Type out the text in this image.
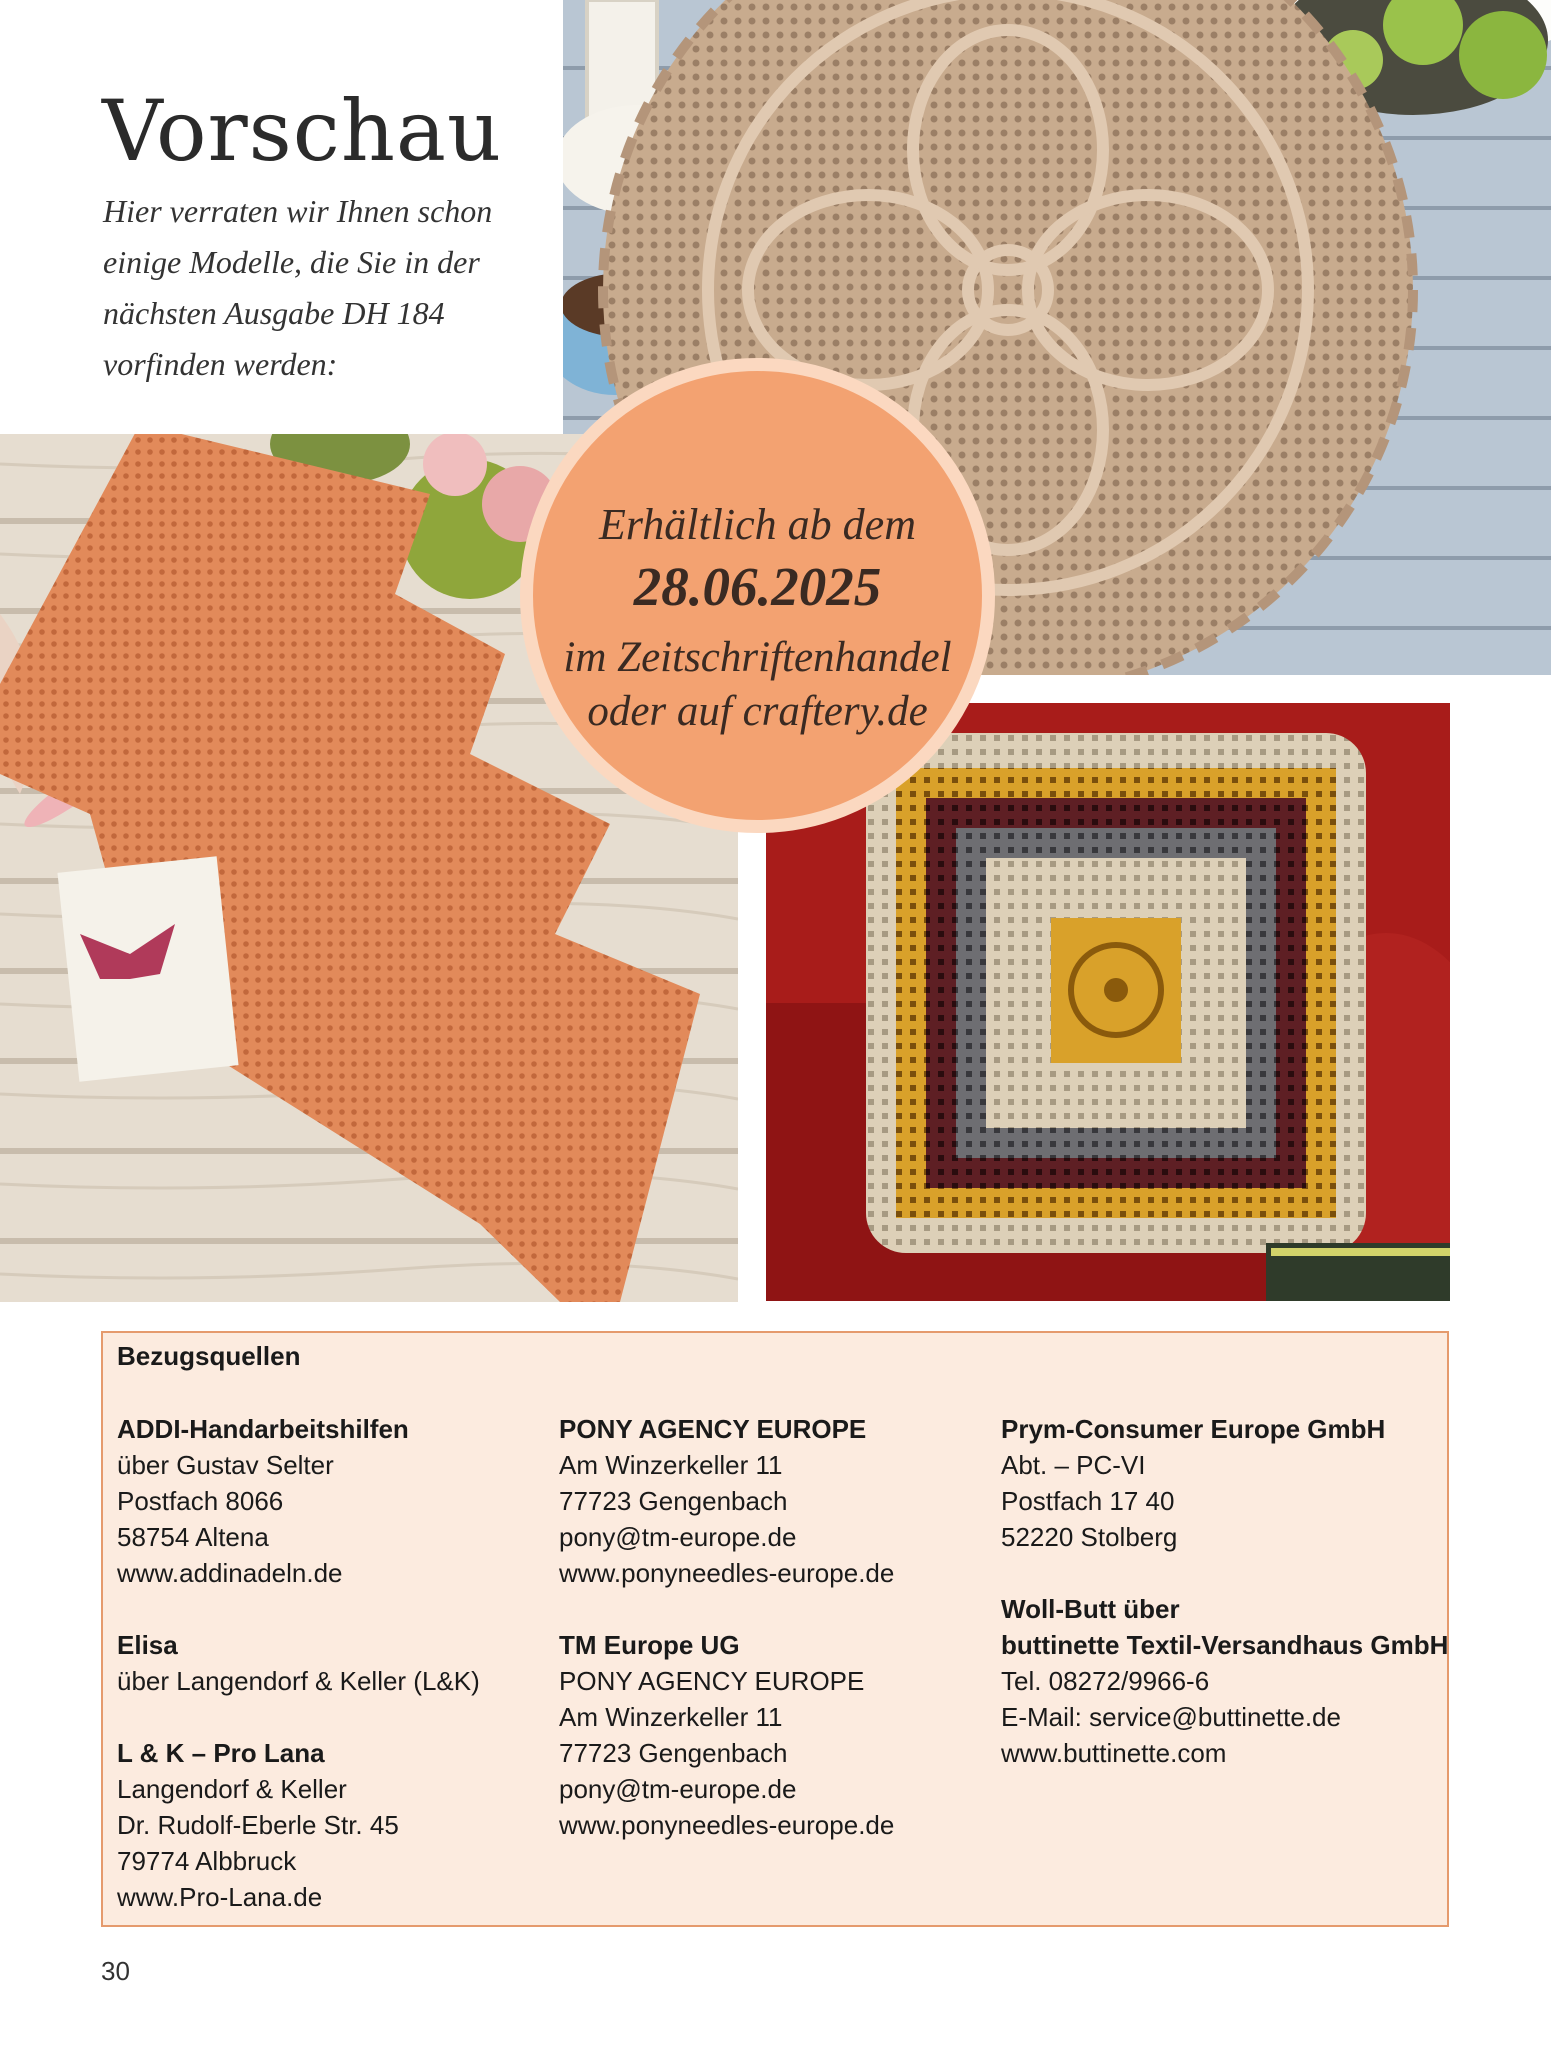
Vorschau

Hier verraten wir Ihnen schon einige Modelle, die Sie in der nächsten Ausgabe DH 184 vorfinden werden:

Erhältlich ab dem
28.06.2025
im Zeitschriftenhandel
oder auf craftery.de
Bezugsquellen

ADDI-Handarbeitshilfen

über Gustav Selter

Postfach 8066

58754 Altena

www.addinadeln.de

Elisa

über Langendorf & Keller (L&K)

L & K – Pro Lana

Langendorf & Keller

Dr. Rudolf-Eberle Str. 45

79774 Albbruck

www.Pro-Lana.de

PONY AGENCY EUROPE

Am Winzerkeller 11

77723 Gengenbach

pony@tm-europe.de

www.ponyneedles-europe.de

TM Europe UG

PONY AGENCY EUROPE

Am Winzerkeller 11

77723 Gengenbach

pony@tm-europe.de

www.ponyneedles-europe.de

Prym-Consumer Europe GmbH

Abt. – PC-VI

Postfach 17 40

52220 Stolberg

Woll-Butt über

buttinette Textil-Versandhaus GmbH

Tel. 08272/9966-6

E-Mail: service@buttinette.de

www.buttinette.com

30
